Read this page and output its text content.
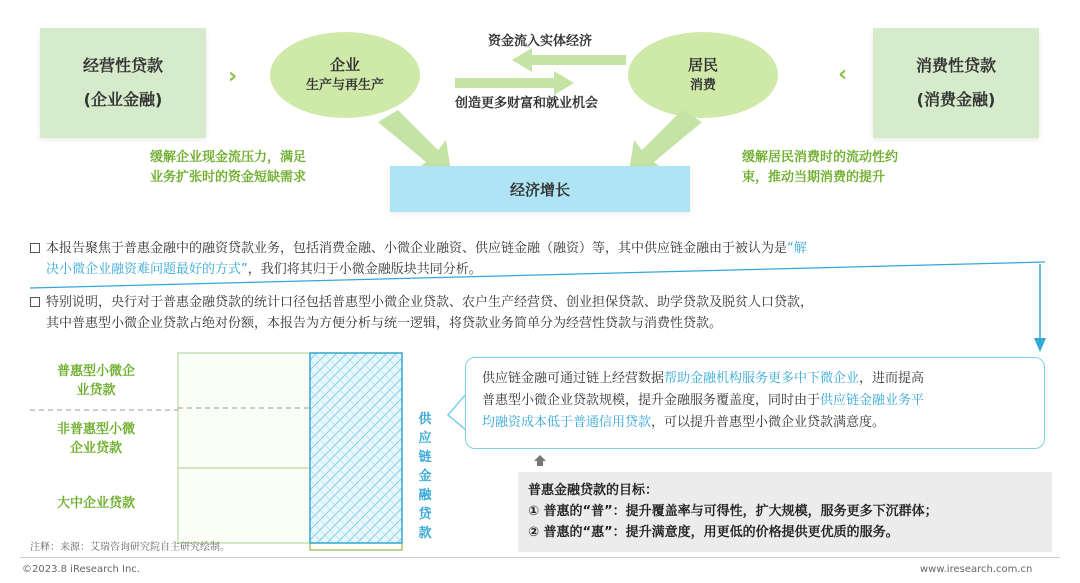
经营性贷款
(企业金融)
消费性贷款
(消费金融)
›	›
企业
生产与再生产
居民
消费
资金流入实体经济
创造更多财富和就业机会
缓解企业现金流压力，满足
业务扩张时的资金短缺需求
缓解居民消费时的流动性约
束，推动当期消费的提升
经济增长
本报告聚焦于普惠金融中的融资贷款业务，包括消费金融、小微企业融资、供应链金融（融资）等，其中供应链金融由于被认为是“解
决小微企业融资难问题最好的方式”，我们将其归于小微金融版块共同分析。
特别说明，央行对于普惠金融贷款的统计口径包括普惠型小微企业贷款、农户生产经营贷、创业担保贷款、助学贷款及脱贫人口贷款，
其中普惠型小微企业贷款占绝对份额，本报告为方便分析与统一逻辑，将贷款业务简单分为经营性贷款与消费性贷款。
普惠型小微企
业贷款
非普惠型小微
企业贷款
大中企业贷款
供
应
链
金
融
贷
款
供应链金融可通过链上经营数据帮助金融机构服务更多中下微企业，进而提高
普惠型小微企业贷款规模，提升金融服务覆盖度，同时由于供应链金融业务平
均融资成本低于普通信用贷款，可以提升普惠型小微企业贷款满意度。
普惠金融贷款的目标：
① 普惠的“普”：提升覆盖率与可得性，扩大规模，服务更多下沉群体；
② 普惠的“惠”：提升满意度，用更低的价格提供更优质的服务。
注释：来源：艾瑞咨询研究院自主研究绘制。
©2023.8 iResearch Inc.	www.iresearch.com.cn
